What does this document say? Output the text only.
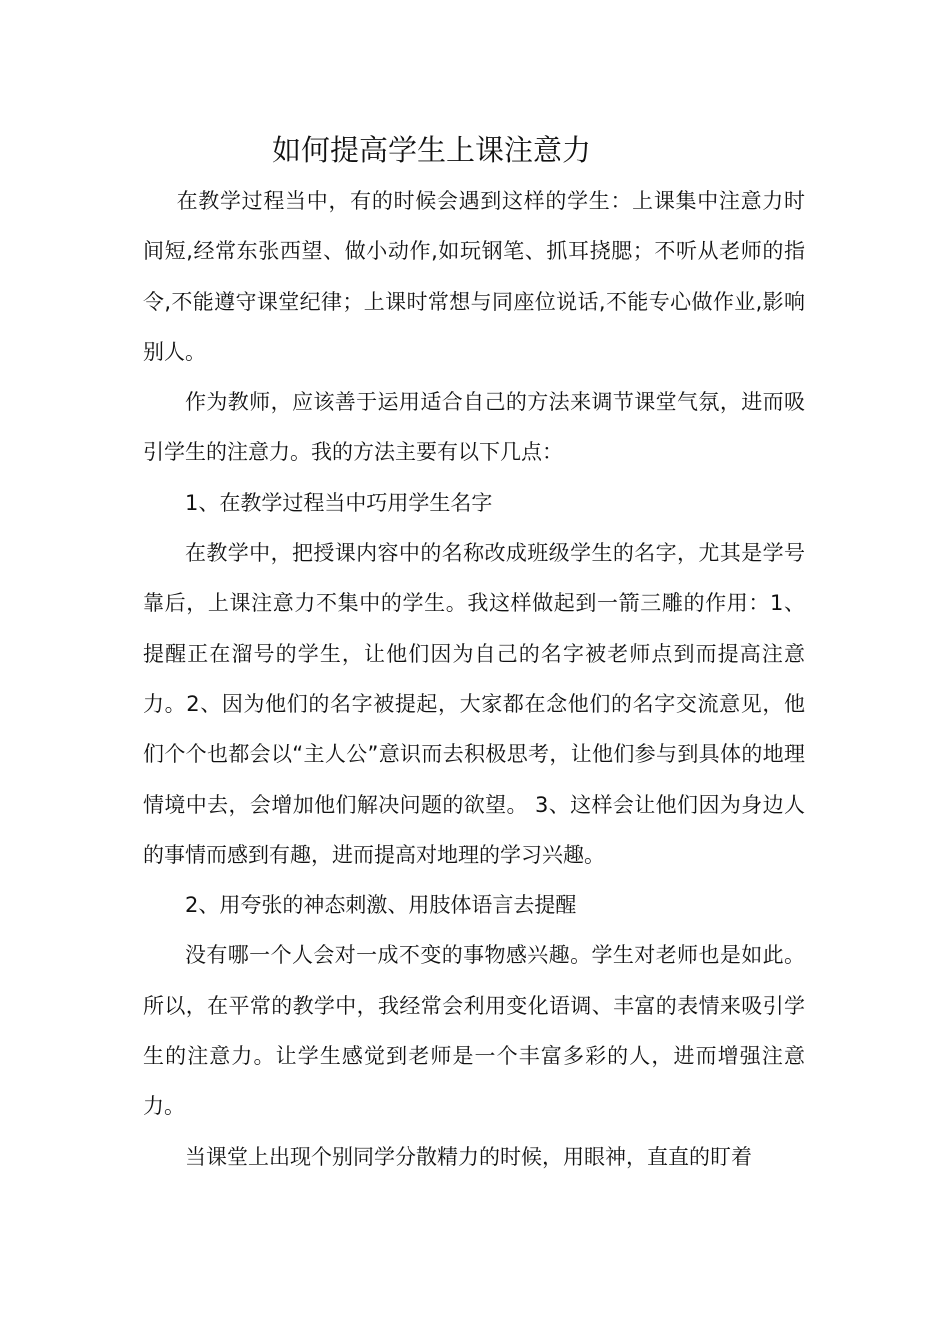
如何提高学生上课注意力

在教学过程当中，有的时候会遇到这样的学生：上课集中注意力时间短,经常东张西望、做小动作,如玩钢笔、抓耳挠腮；不听从老师的指令,不能遵守课堂纪律；上课时常想与同座位说话,不能专心做作业,影响别人。

作为教师，应该善于运用适合自己的方法来调节课堂气氛，进而吸引学生的注意力。我的方法主要有以下几点：

1、在教学过程当中巧用学生名字

在教学中，把授课内容中的名称改成班级学生的名字，尤其是学号靠后，上课注意力不集中的学生。我这样做起到一箭三雕的作用：1、提醒正在溜号的学生，让他们因为自己的名字被老师点到而提高注意力。2、因为他们的名字被提起，大家都在念他们的名字交流意见，他们个个也都会以“主人公”意识而去积极思考，让他们参与到具体的地理情境中去，会增加他们解决问题的欲望。 3、这样会让他们因为身边人的事情而感到有趣，进而提高对地理的学习兴趣。

2、用夸张的神态刺激、用肢体语言去提醒

没有哪一个人会对一成不变的事物感兴趣。学生对老师也是如此。所以，在平常的教学中，我经常会利用变化语调、丰富的表情来吸引学生的注意力。让学生感觉到老师是一个丰富多彩的人，进而增强注意力。

当课堂上出现个别同学分散精力的时候，用眼神，直直的盯着
